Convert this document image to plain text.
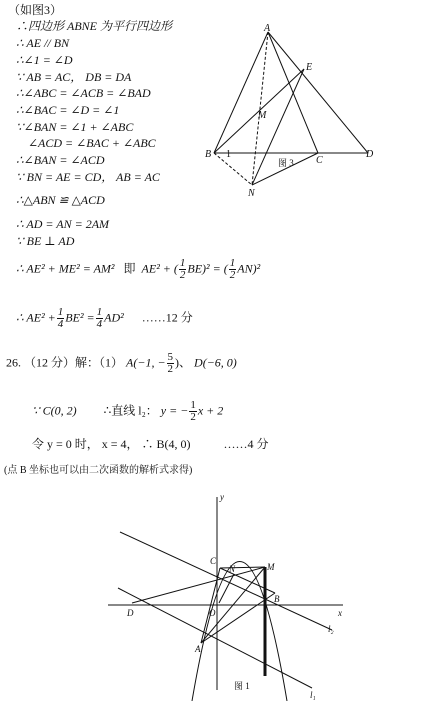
（如图3）
∴四边形 ABNE 为平行四边形
∴ AE // BN
∴∠1 = ∠D
∵ AB = AC， DB = DA
∴∠ABC = ∠ACB = ∠BAD
∴∠BAC = ∠D = ∠1
∵∠BAN = ∠1 + ∠ABC
∠ACD = ∠BAC + ∠ABC
∴∠BAN = ∠ACD
∵ BN = AE = CD， AB = AC
∴△ABN ≌ △ACD
∴ AD = AN = 2AM
∵ BE ⊥ AD
∴ AE² + ME² = AM² 即 AE² + ( $\frac{1}{2} BE)^2$ = ( $\frac{1}{2} AN)^2$
∴ $AE^2 + \frac{1}{4} BE^2 = \frac{1}{4} AD^2$ ……12 分
26. （12 分）解：（1） A(−1, − $\frac{5}{2}$ )、 D(−6, 0)
∵ C(0, 2) ∴直线 l₂： y = − $\frac{1}{2}$ x + 2
令 y = 0 时， x = 4， ∴ B(4, 0)	……4 分
(点 B 坐标也可以由二次函数的解析式求得)
A
E
M
B 1
C
D
N
图 3
y
x
C
N	M
D	O
B
A
l₂
l₁
图 1
